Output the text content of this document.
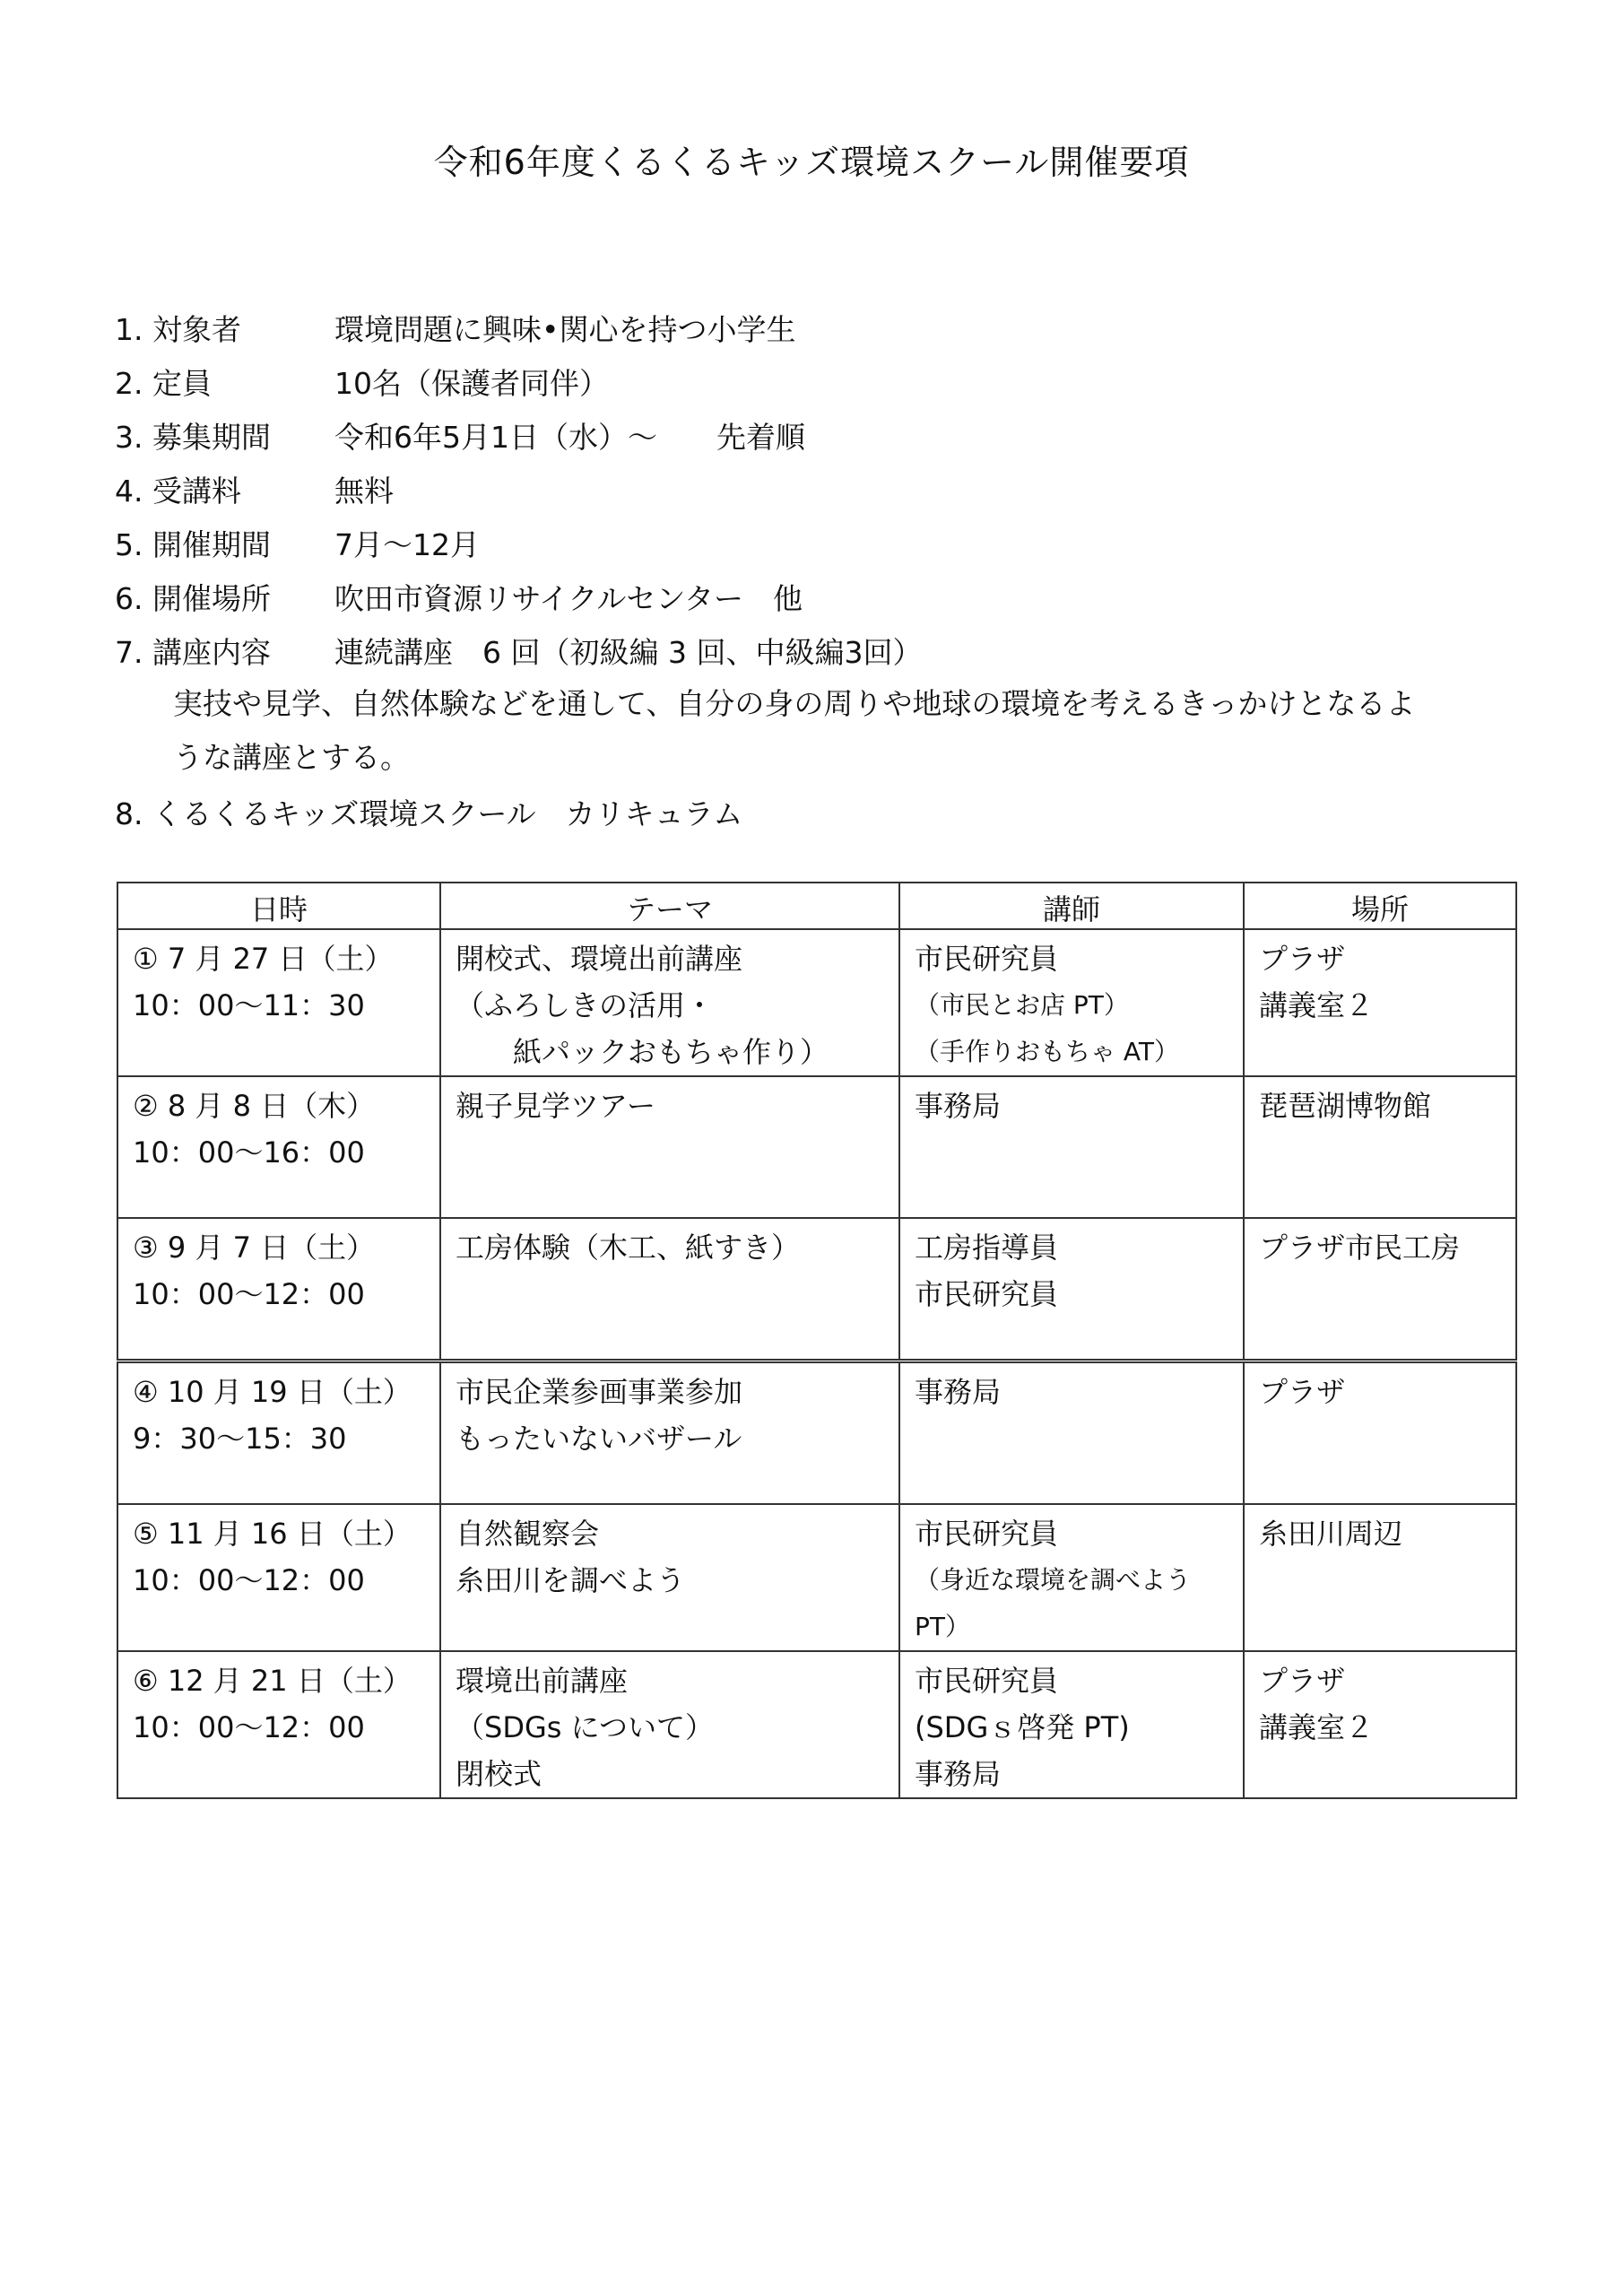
令和6年度くるくるキッズ環境スクール開催要項
1. 対象者	環境問題に興味•関心を持つ小学生
2. 定員	10名（保護者同伴）
3. 募集期間	令和6年5月1日（水）～　　先着順
4. 受講料	無料
5. 開催期間	7月～12月
6. 開催場所	吹田市資源リサイクルセンター　他
7. 講座内容	連続講座　6 回（初級編 3 回、中級編3回）
実技や見学、自然体験などを通して、自分の身の周りや地球の環境を考えるきっかけとなるよ
うな講座とする。
8. くるくるキッズ環境スクール　カリキュラム
日時	テーマ	講師	場所

① 7 月 27 日（土）
10：00～11：30	開校式、環境出前講座
（ふろしきの活用・
　　紙パックおもちゃ作り）	市民研究員
（市民とお店 PT）
（手作りおもちゃ AT）	プラザ
講義室２

② 8 月 8 日（木）
10：00～16：00	親子見学ツアー	事務局	琵琶湖博物館

③ 9 月 7 日（土）
10：00～12：00	工房体験（木工、紙すき）	工房指導員
市民研究員	プラザ市民工房

④ 10 月 19 日（土）
9：30～15：30	市民企業参画事業参加
もったいないバザール	事務局	プラザ

⑤ 11 月 16 日（土）
10：00～12：00	自然観察会
糸田川を調べよう	市民研究員
（身近な環境を調べよう
PT）	糸田川周辺

⑥ 12 月 21 日（土）
10：00～12：00	環境出前講座
（SDGs について）
閉校式	市民研究員
(SDGｓ啓発 PT)
事務局	プラザ
講義室２
